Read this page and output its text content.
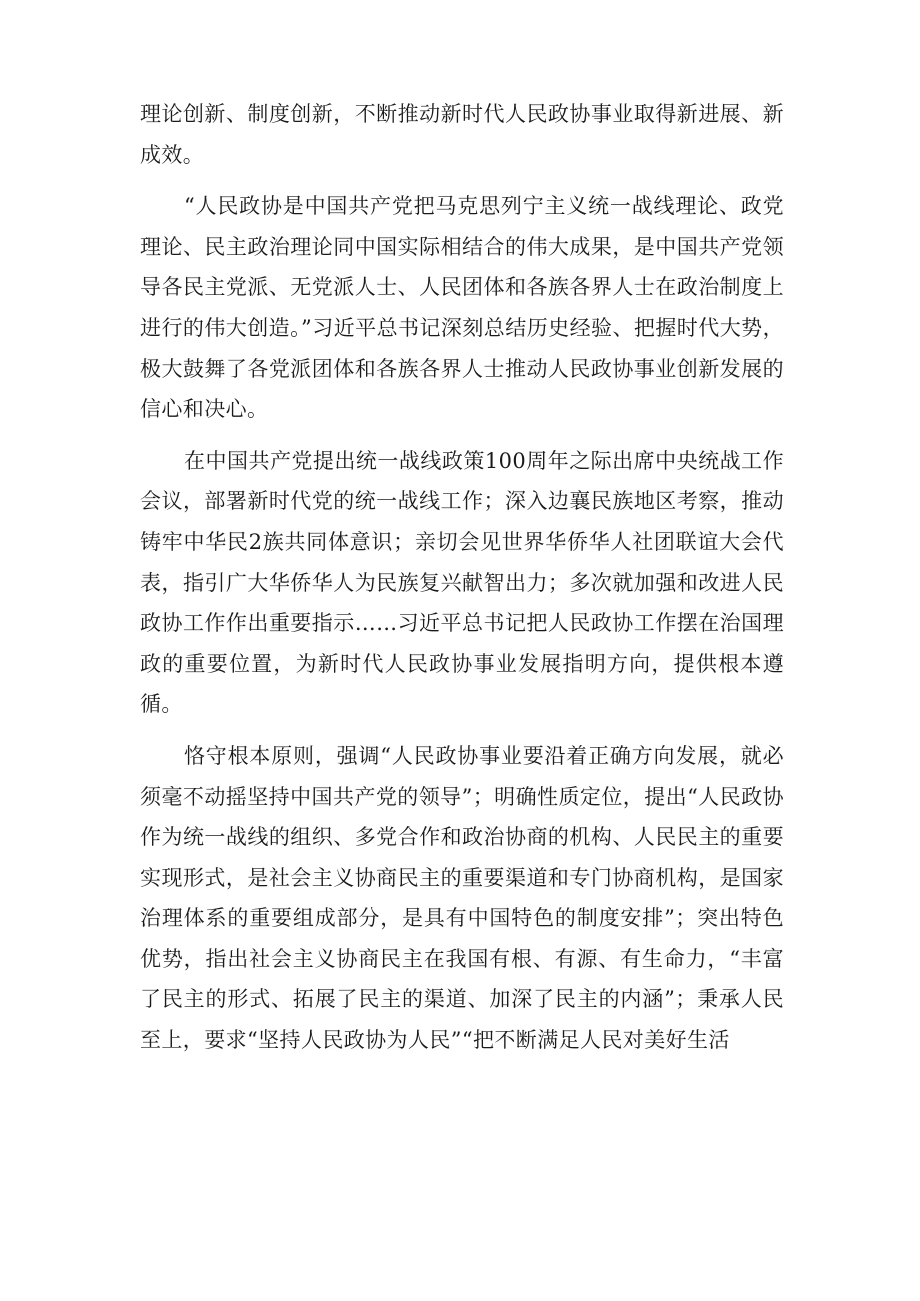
理论创新、制度创新，不断推动新时代人民政协事业取得新进展、新成效。

“人民政协是中国共产党把马克思列宁主义统一战线理论、政党理论、民主政治理论同中国实际相结合的伟大成果，是中国共产党领导各民主党派、无党派人士、人民团体和各族各界人士在政治制度上进行的伟大创造。”习近平总书记深刻总结历史经验、把握时代大势，极大鼓舞了各党派团体和各族各界人士推动人民政协事业创新发展的信心和决心。

在中国共产党提出统一战线政策100周年之际出席中央统战工作会议，部署新时代党的统一战线工作；深入边襄民族地区考察，推动铸牢中华民2族共同体意识；亲切会见世界华侨华人社团联谊大会代表，指引广大华侨华人为民族复兴献智出力；多次就加强和改进人民政协工作作出重要指示……习近平总书记把人民政协工作摆在治国理政的重要位置，为新时代人民政协事业发展指明方向，提供根本遵循。

恪守根本原则，强调“人民政协事业要沿着正确方向发展，就必须毫不动摇坚持中国共产党的领导”；明确性质定位，提出“人民政协作为统一战线的组织、多党合作和政治协商的机构、人民民主的重要实现形式，是社会主义协商民主的重要渠道和专门协商机构，是国家治理体系的重要组成部分，是具有中国特色的制度安排”；突出特色优势，指出社会主义协商民主在我国有根、有源、有生命力，“丰富了民主的形式、拓展了民主的渠道、加深了民主的内涵”；秉承人民至上，要求“坚持人民政协为人民”“把不断满足人民对美好生活
